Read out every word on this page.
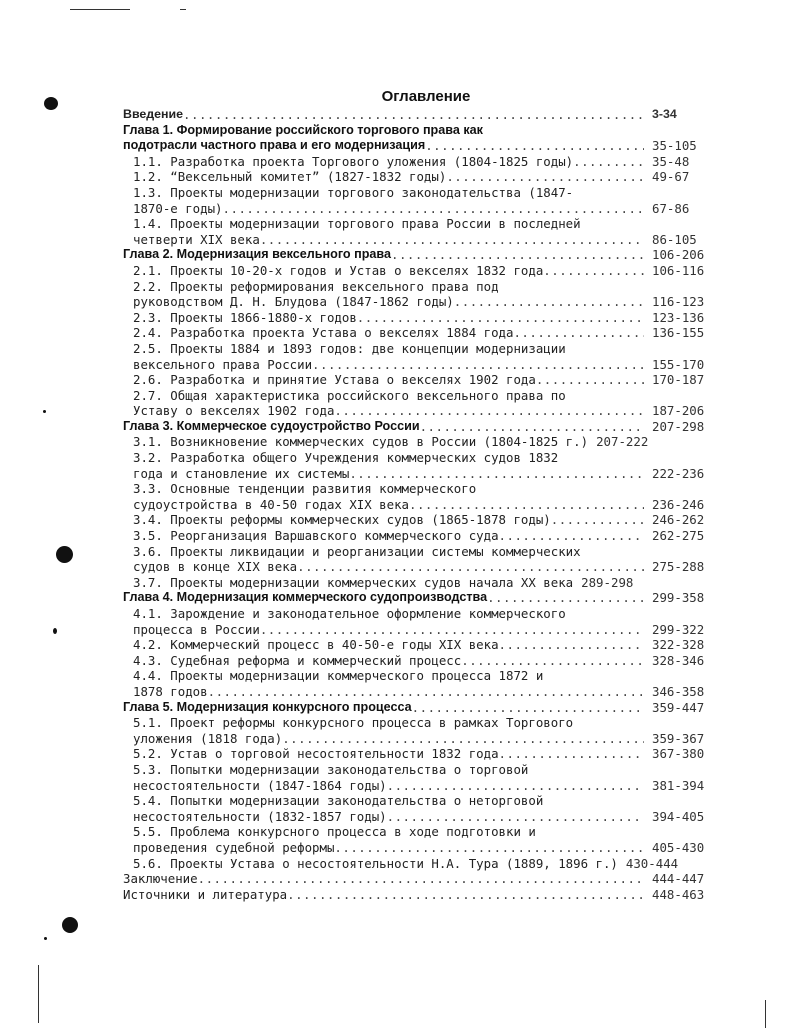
Оглавление
Введение .....	3-34
Глава 1. Формирование российского торгового права как
подотрасли частного права и его модернизация .....	35-105
1.1. Разработка проекта Торгового уложения (1804-1825 годы) .....	35-48
1.2. “Вексельный комитет” (1827-1832 годы) .....	49-67
1.3. Проекты модернизации торгового законодательства (1847-
1870-е годы) .....	67-86
1.4. Проекты модернизации торгового права России в последней
четверти XIX века .....	86-105
Глава 2. Модернизация вексельного права .....	106-206
2.1. Проекты 10-20-х годов и Устав о векселях 1832 года .....	106-116
2.2. Проекты реформирования вексельного права под
руководством Д. Н. Блудова (1847-1862 годы) .....	116-123
2.3. Проекты 1866-1880-х годов .....	123-136
2.4. Разработка проекта Устава о векселях 1884 года .....	136-155
2.5. Проекты 1884 и 1893 годов: две концепции модернизации
вексельного права России .....	155-170
2.6. Разработка и принятие Устава о векселях 1902 года .....	170-187
2.7. Общая характеристика российского вексельного права по
Уставу о векселях 1902 года .....	187-206
Глава 3. Коммерческое судоустройство России .....	207-298
3.1. Возникновение коммерческих судов в России (1804-1825 г.) 207-222
3.2. Разработка общего Учреждения коммерческих судов 1832
года и становление их системы .....	222-236
3.3. Основные тенденции развития коммерческого
судоустройства в 40-50 годах XIX века .....	236-246
3.4. Проекты реформы коммерческих судов (1865-1878 годы) .....	246-262
3.5. Реорганизация Варшавского коммерческого суда .....	262-275
3.6. Проекты ликвидации и реорганизации системы коммерческих
судов в конце XIX века .....	275-288
3.7. Проекты модернизации коммерческих судов начала XX века 289-298
Глава 4. Модернизация коммерческого судопроизводства .....	299-358
4.1. Зарождение и законодательное оформление коммерческого
процесса в России .....	299-322
4.2. Коммерческий процесс в 40-50-е годы XIX века .....	322-328
4.3. Судебная реформа и коммерческий процесс .....	328-346
4.4. Проекты модернизации коммерческого процесса 1872 и
1878 годов .....	346-358
Глава 5. Модернизация конкурсного процесса .....	359-447
5.1. Проект реформы конкурсного процесса в рамках Торгового
уложения (1818 года) .....	359-367
5.2. Устав о торговой несостоятельности 1832 года .....	367-380
5.3. Попытки модернизации законодательства о торговой
несостоятельности (1847-1864 годы) .....	381-394
5.4. Попытки модернизации законодательства о неторговой
несостоятельности (1832-1857 годы) .....	394-405
5.5. Проблема конкурсного процесса в ходе подготовки и
проведения судебной реформы .....	405-430
5.6. Проекты Устава о несостоятельности Н.А. Тура (1889, 1896 г.) 430-444
Заключение .....	444-447
Источники и литература .....	448-463
